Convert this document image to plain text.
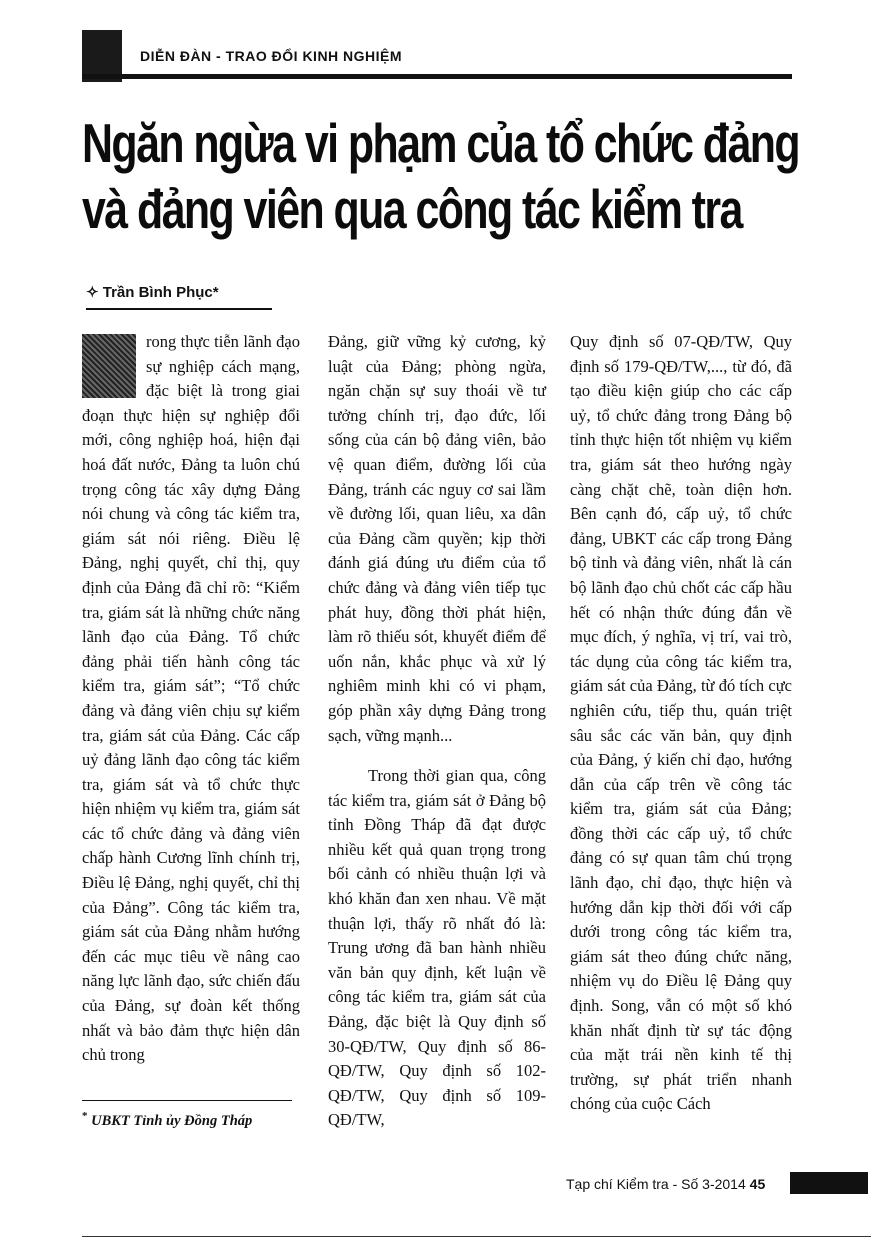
DIỄN ĐÀN - TRAO ĐỔI KINH NGHIỆM
Ngăn ngừa vi phạm của tổ chức đảng
và đảng viên qua công tác kiểm tra
✧ Trần Bình Phục*

rong thực tiễn lãnh đạo sự nghiệp cách mạng, đặc biệt là trong giai đoạn thực hiện sự nghiệp đổi mới, công nghiệp hoá, hiện đại hoá đất nước, Đảng ta luôn chú trọng công tác xây dựng Đảng nói chung và công tác kiểm tra, giám sát nói riêng. Điều lệ Đảng, nghị quyết, chỉ thị, quy định của Đảng đã chỉ rõ: “Kiểm tra, giám sát là những chức năng lãnh đạo của Đảng. Tổ chức đảng phải tiến hành công tác kiểm tra, giám sát”; “Tổ chức đảng và đảng viên chịu sự kiểm tra, giám sát của Đảng. Các cấp uỷ đảng lãnh đạo công tác kiểm tra, giám sát và tổ chức thực hiện nhiệm vụ kiểm tra, giám sát các tổ chức đảng và đảng viên chấp hành Cương lĩnh chính trị, Điều lệ Đảng, nghị quyết, chỉ thị của Đảng”. Công tác kiểm tra, giám sát của Đảng nhằm hướng đến các mục tiêu về nâng cao năng lực lãnh đạo, sức chiến đấu của Đảng, sự đoàn kết thống nhất và bảo đảm thực hiện dân chủ trong

Đảng, giữ vững kỷ cương, kỷ luật của Đảng; phòng ngừa, ngăn chặn sự suy thoái về tư tưởng chính trị, đạo đức, lối sống của cán bộ đảng viên, bảo vệ quan điểm, đường lối của Đảng, tránh các nguy cơ sai lầm về đường lối, quan liêu, xa dân của Đảng cầm quyền; kịp thời đánh giá đúng ưu điểm của tổ chức đảng và đảng viên tiếp tục phát huy, đồng thời phát hiện, làm rõ thiếu sót, khuyết điểm để uốn nắn, khắc phục và xử lý nghiêm minh khi có vi phạm, góp phần xây dựng Đảng trong sạch, vững mạnh...

Trong thời gian qua, công tác kiểm tra, giám sát ở Đảng bộ tỉnh Đồng Tháp đã đạt được nhiều kết quả quan trọng trong bối cảnh có nhiều thuận lợi và khó khăn đan xen nhau. Về mặt thuận lợi, thấy rõ nhất đó là: Trung ương đã ban hành nhiều văn bản quy định, kết luận về công tác kiểm tra, giám sát của Đảng, đặc biệt là Quy định số 30-QĐ/TW, Quy định số 86-QĐ/TW, Quy định số 102-QĐ/TW, Quy định số 109-QĐ/TW,

Quy định số 07-QĐ/TW, Quy định số 179-QĐ/TW,..., từ đó, đã tạo điều kiện giúp cho các cấp uỷ, tổ chức đảng trong Đảng bộ tỉnh thực hiện tốt nhiệm vụ kiểm tra, giám sát theo hướng ngày càng chặt chẽ, toàn diện hơn. Bên cạnh đó, cấp uỷ, tổ chức đảng, UBKT các cấp trong Đảng bộ tỉnh và đảng viên, nhất là cán bộ lãnh đạo chủ chốt các cấp hầu hết có nhận thức đúng đắn về mục đích, ý nghĩa, vị trí, vai trò, tác dụng của công tác kiểm tra, giám sát của Đảng, từ đó tích cực nghiên cứu, tiếp thu, quán triệt sâu sắc các văn bản, quy định của Đảng, ý kiến chỉ đạo, hướng dẫn của cấp trên về công tác kiểm tra, giám sát của Đảng; đồng thời các cấp uỷ, tổ chức đảng có sự quan tâm chú trọng lãnh đạo, chỉ đạo, thực hiện và hướng dẫn kịp thời đối với cấp dưới trong công tác kiểm tra, giám sát theo đúng chức năng, nhiệm vụ do Điều lệ Đảng quy định. Song, vẫn có một số khó khăn nhất định từ sự tác động của mặt trái nền kinh tế thị trường, sự phát triển nhanh chóng của cuộc Cách

* UBKT Tỉnh ủy Đồng Tháp
Tạp chí Kiểm tra - Số 3-2014 45
